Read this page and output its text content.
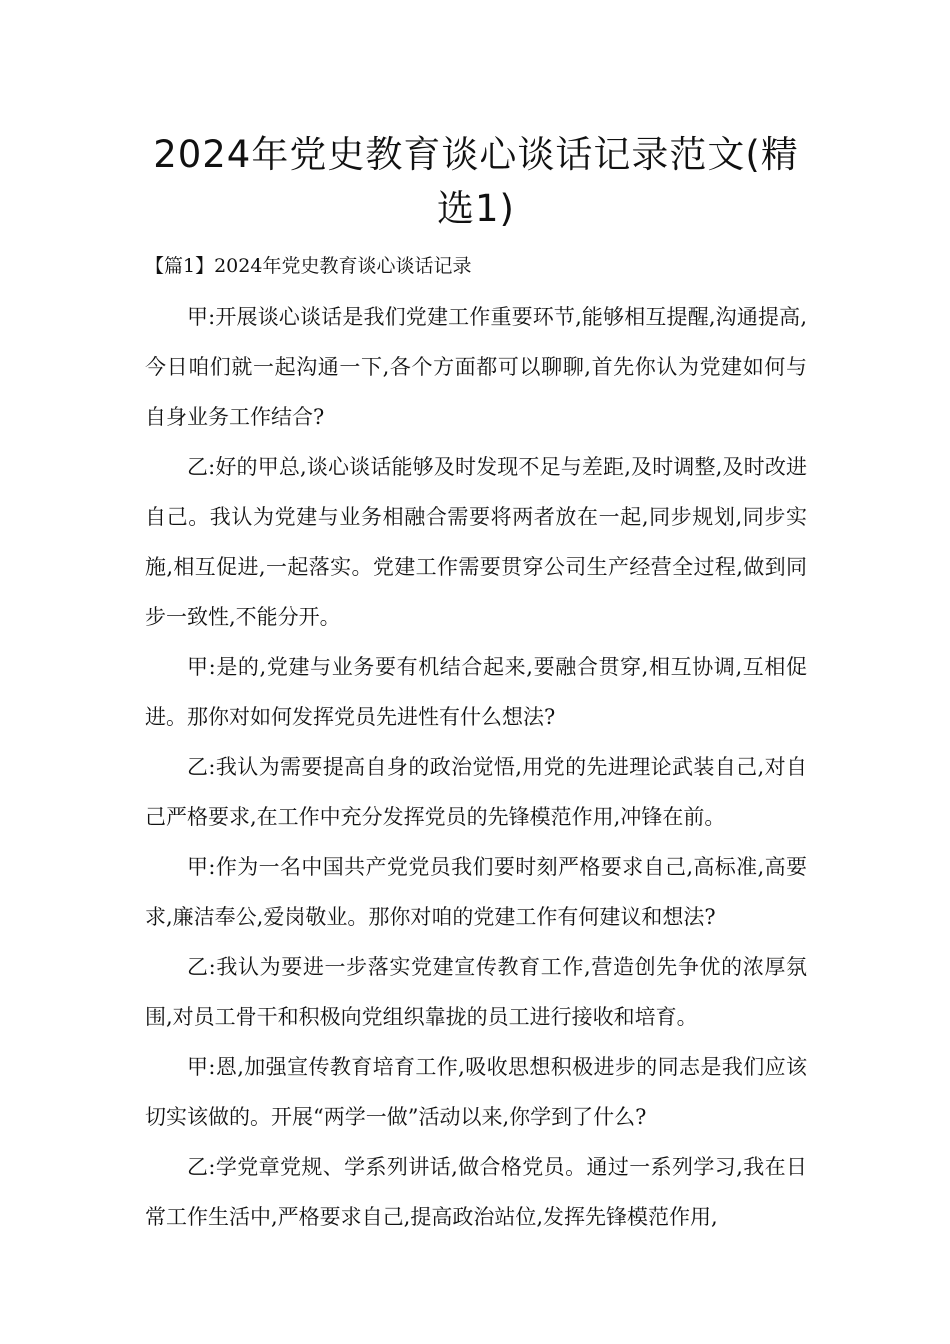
2024年党史教育谈心谈话记录范文(精选1)
【篇1】2024年党史教育谈心谈话记录

甲:开展谈心谈话是我们党建工作重要环节,能够相互提醒,沟通提高,今日咱们就一起沟通一下,各个方面都可以聊聊,首先你认为党建如何与自身业务工作结合?

乙:好的甲总,谈心谈话能够及时发现不足与差距,及时调整,及时改进自己。我认为党建与业务相融合需要将两者放在一起,同步规划,同步实施,相互促进,一起落实。党建工作需要贯穿公司生产经营全过程,做到同步一致性,不能分开。

甲:是的,党建与业务要有机结合起来,要融合贯穿,相互协调,互相促进。那你对如何发挥党员先进性有什么想法?

乙:我认为需要提高自身的政治觉悟,用党的先进理论武装自己,对自己严格要求,在工作中充分发挥党员的先锋模范作用,冲锋在前。

甲:作为一名中国共产党党员我们要时刻严格要求自己,高标准,高要求,廉洁奉公,爱岗敬业。那你对咱的党建工作有何建议和想法?

乙:我认为要进一步落实党建宣传教育工作,营造创先争优的浓厚氛围,对员工骨干和积极向党组织靠拢的员工进行接收和培育。

甲:恩,加强宣传教育培育工作,吸收思想积极进步的同志是我们应该切实该做的。开展“两学一做”活动以来,你学到了什么?

乙:学党章党规、学系列讲话,做合格党员。通过一系列学习,我在日常工作生活中,严格要求自己,提高政治站位,发挥先锋模范作用,
